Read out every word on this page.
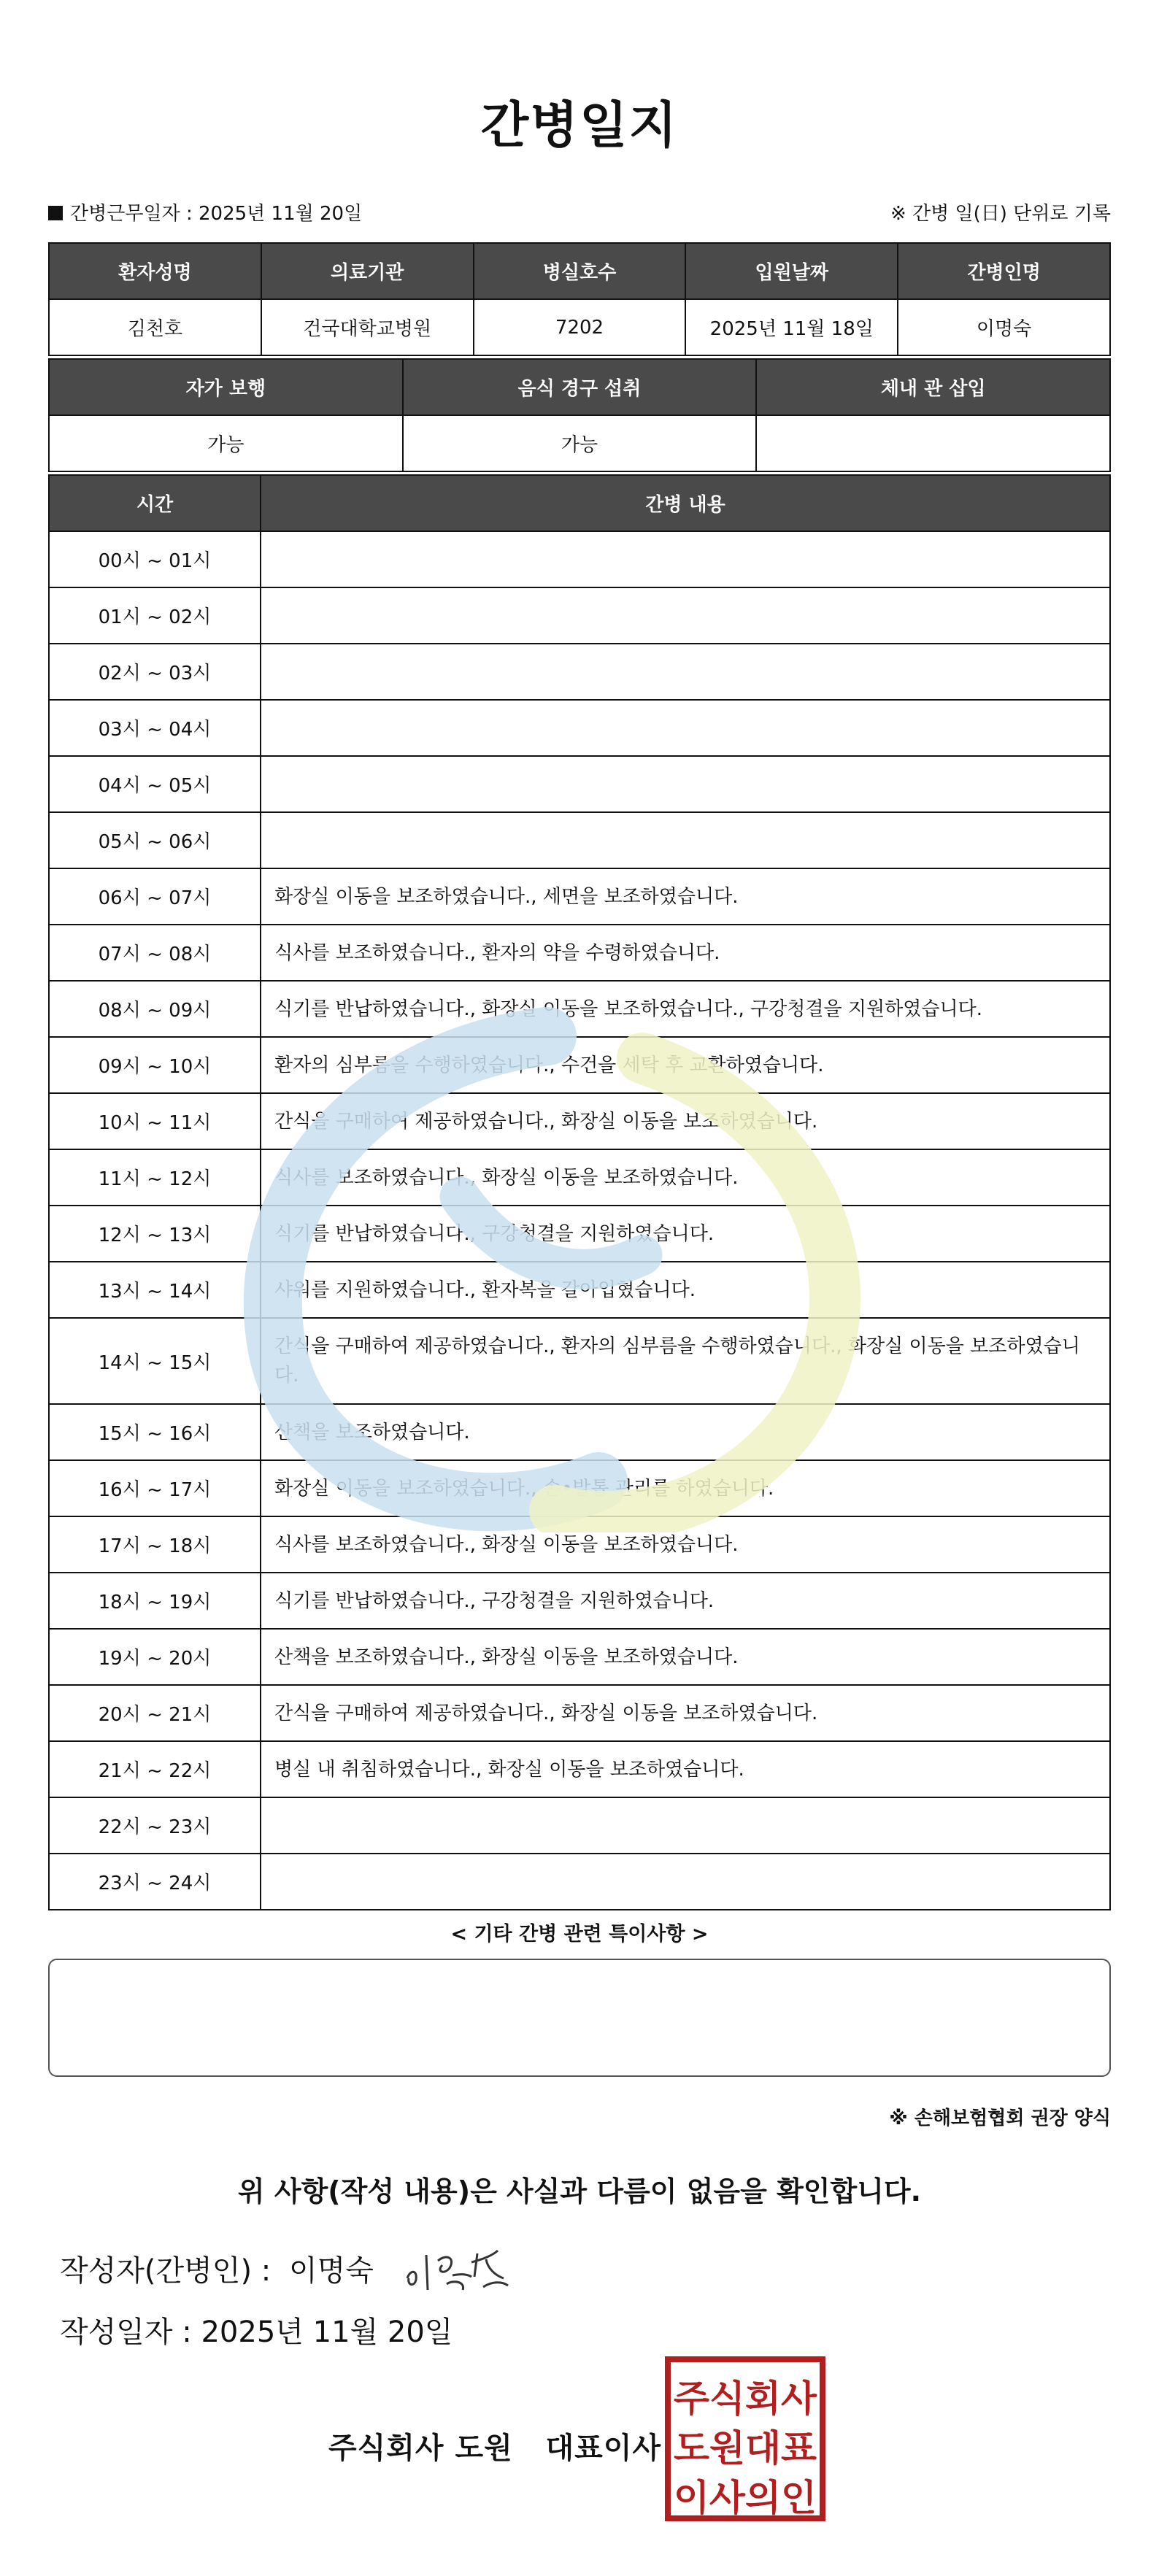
간병일지
간병근무일자 : 2025년 11월 20일	※ 간병 일(日) 단위로 기록
환자성명	의료기관	병실호수	입원날짜	간병인명
김천호	건국대학교병원	7202	2025년 11월 18일	이명숙
자가 보행	음식 경구 섭취	체내 관 삽입
가능	가능	
시간	간병 내용
00시 ~ 01시	
01시 ~ 02시	
02시 ~ 03시	
03시 ~ 04시	
04시 ~ 05시	
05시 ~ 06시	
06시 ~ 07시	화장실 이동을 보조하였습니다., 세면을 보조하였습니다.
07시 ~ 08시	식사를 보조하였습니다., 환자의 약을 수령하였습니다.
08시 ~ 09시	식기를 반납하였습니다., 화장실 이동을 보조하였습니다., 구강청결을 지원하였습니다.
09시 ~ 10시	환자의 심부름을 수행하였습니다., 수건을 세탁 후 교환하였습니다.
10시 ~ 11시	간식을 구매하여 제공하였습니다., 화장실 이동을 보조하였습니다.
11시 ~ 12시	식사를 보조하였습니다., 화장실 이동을 보조하였습니다.
12시 ~ 13시	식기를 반납하였습니다., 구강청결을 지원하였습니다.
13시 ~ 14시	샤워를 지원하였습니다., 환자복을 갈아입혔습니다.
14시 ~ 15시	간식을 구매하여 제공하였습니다., 환자의 심부름을 수행하였습니다., 화장실 이동을 보조하였습니다.
15시 ~ 16시	산책을 보조하였습니다.
16시 ~ 17시	화장실 이동을 보조하였습니다., 손•발톱 관리를 하였습니다.
17시 ~ 18시	식사를 보조하였습니다., 화장실 이동을 보조하였습니다.
18시 ~ 19시	식기를 반납하였습니다., 구강청결을 지원하였습니다.
19시 ~ 20시	산책을 보조하였습니다., 화장실 이동을 보조하였습니다.
20시 ~ 21시	간식을 구매하여 제공하였습니다., 화장실 이동을 보조하였습니다.
21시 ~ 22시	병실 내 취침하였습니다., 화장실 이동을 보조하였습니다.
22시 ~ 23시	
23시 ~ 24시	
< 기타 간병 관련 특이사항 >
※ 손해보험협회 권장 양식
위 사항(작성 내용)은 사실과 다름이 없음을 확인합니다.
작성자(간병인) : 이명숙
작성일자 : 2025년 11월 20일
주식회사 도원 대표이사
주식회사
도원대표
이사의인
